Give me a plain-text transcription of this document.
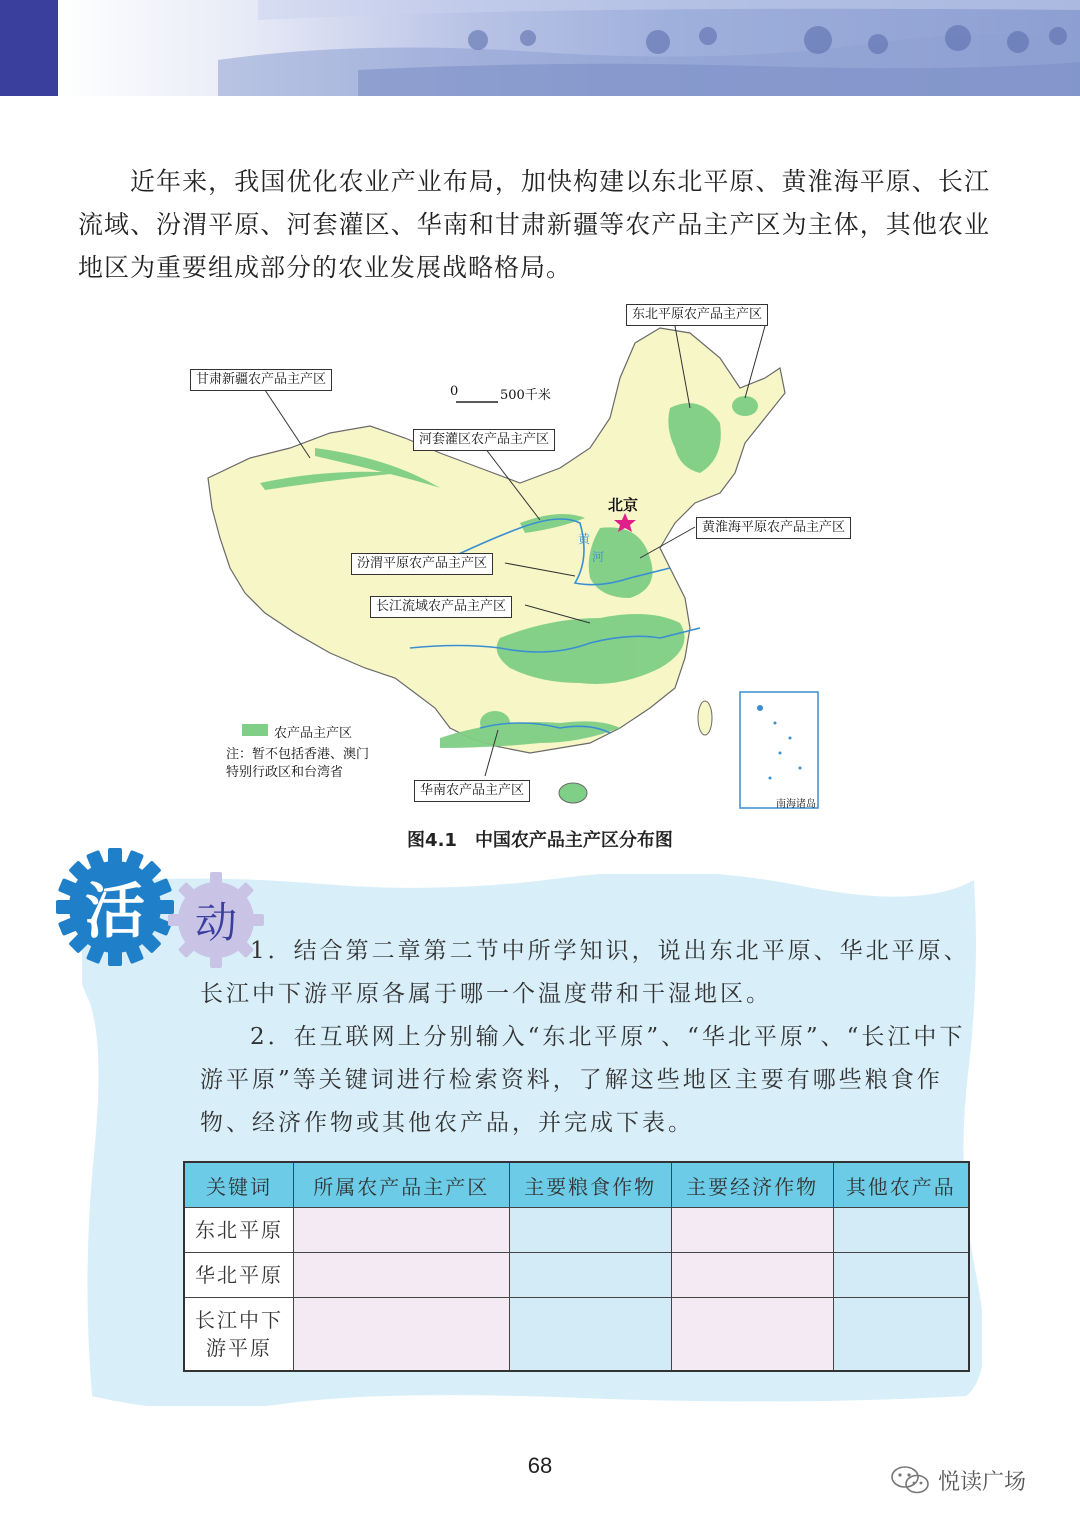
近年来，我国优化农业产业布局，加快构建以东北平原、黄淮海平原、长江流域、汾渭平原、河套灌区、华南和甘肃新疆等农产品主产区为主体，其他农业地区为重要组成部分的农业发展战略格局。
东北平原农产品主产区
甘肃新疆农产品主产区
河套灌区农产品主产区
黄淮海平原农产品主产区
汾渭平原农产品主产区
长江流域农产品主产区
华南农产品主产区
北京
0	500千米
黄
河
农产品主产区
注：暂不包括香港、澳门特别行政区和台湾省
南海诸岛
图4.1 中国农产品主产区分布图
活	动

1．结合第二章第二节中所学知识，说出东北平原、华北平原、长江中下游平原各属于哪一个温度带和干湿地区。

2．在互联网上分别输入“东北平原”、“华北平原”、“长江中下游平原”等关键词进行检索资料，了解这些地区主要有哪些粮食作物、经济作物或其他农产品，并完成下表。

关键词	所属农产品主产区	主要粮食作物	主要经济作物	其他农产品
东北平原				
华北平原				

长江中下
游平原				

68
悦读广场
